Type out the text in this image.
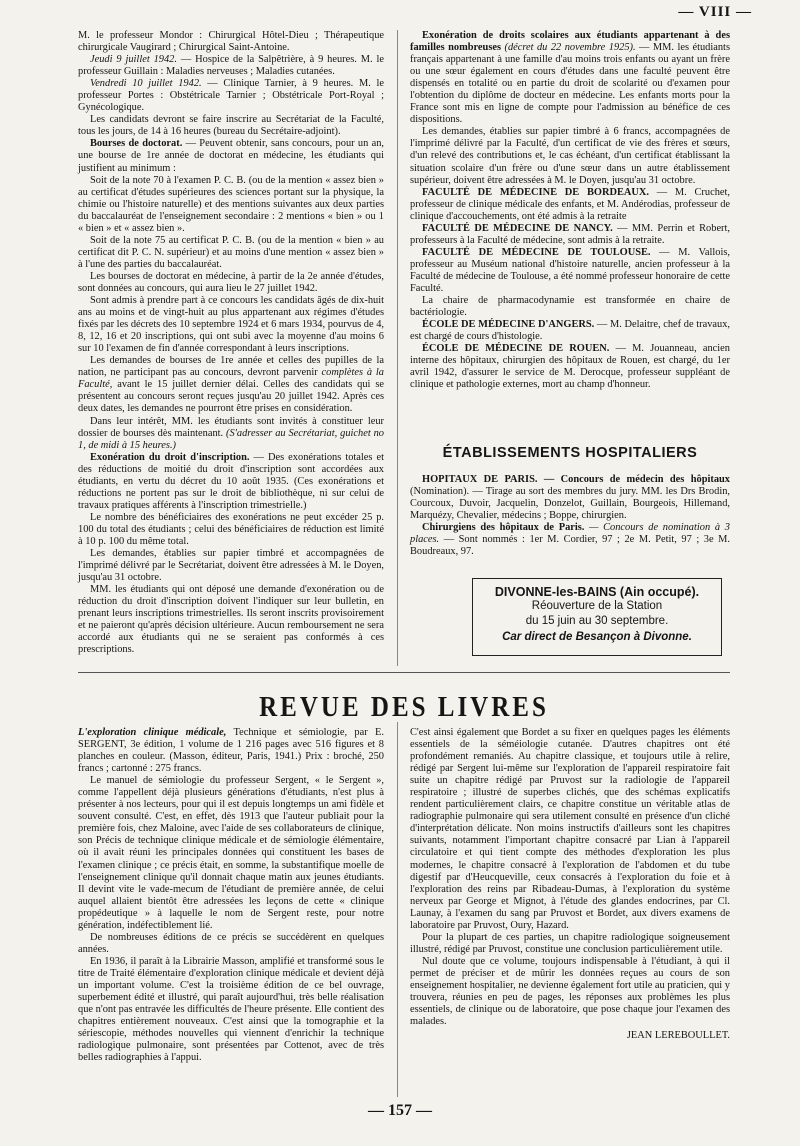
— VIII —

M. le professeur Mondor : Chirurgical Hôtel-Dieu ; Thérapeutique chirurgicale Vaugirard ; Chirurgical Saint-Antoine.

Jeudi 9 juillet 1942. — Hospice de la Salpêtrière, à 9 heures. M. le professeur Guillain : Maladies nerveuses ; Maladies cutanées.

Vendredi 10 juillet 1942. — Clinique Tarnier, à 9 heures. M. le professeur Portes : Obstétricale Tarnier ; Obstétricale Port-Royal ; Gynécologique.

Les candidats devront se faire inscrire au Secrétariat de la Faculté, tous les jours, de 14 à 16 heures (bureau du Secrétaire-adjoint).

Bourses de doctorat. — Peuvent obtenir, sans concours, pour un an, une bourse de 1re année de doctorat en médecine, les étudiants qui justifient au minimum :

Soit de la note 70 à l'examen P. C. B. (ou de la mention « assez bien » au certificat d'études supérieures des sciences portant sur la physique, la chimie ou l'histoire naturelle) et des mentions suivantes aux deux parties du baccalauréat de l'enseignement secondaire : 2 mentions « bien » ou 1 « bien » et « assez bien ».

Soit de la note 75 au certificat P. C. B. (ou de la mention « bien » au certificat dit P. C. N. supérieur) et au moins d'une mention « assez bien » à l'une des parties du baccalauréat.

Les bourses de doctorat en médecine, à partir de la 2e année d'études, sont données au concours, qui aura lieu le 27 juillet 1942.

Sont admis à prendre part à ce concours les candidats âgés de dix-huit ans au moins et de vingt-huit au plus appartenant aux régimes d'études fixés par les décrets des 10 septembre 1924 et 6 mars 1934, pourvus de 4, 8, 12, 16 et 20 inscriptions, qui ont subi avec la moyenne d'au moins 6 sur 10 l'examen de fin d'année correspondant à leurs inscriptions.

Les demandes de bourses de 1re année et celles des pupilles de la nation, ne participant pas au concours, devront parvenir complètes à la Faculté, avant le 15 juillet dernier délai. Celles des candidats qui se présentent au concours seront reçues jusqu'au 20 juillet 1942. Après ces deux dates, les demandes ne pourront être prises en considération.

Dans leur intérêt, MM. les étudiants sont invités à constituer leur dossier de bourses dès maintenant. (S'adresser au Secrétariat, guichet no 1, de midi à 15 heures.)

Exonération du droit d'inscription. — Des exonérations totales et des réductions de moitié du droit d'inscription sont accordées aux étudiants, en vertu du décret du 10 août 1935. (Ces exonérations et réductions ne portent pas sur le droit de bibliothèque, ni sur celui de travaux pratiques afférents à l'inscription trimestrielle.)

Le nombre des bénéficiaires des exonérations ne peut excéder 25 p. 100 du total des étudiants ; celui des bénéficiaires de réduction est limité à 10 p. 100 du même total.

Les demandes, établies sur papier timbré et accompagnées de l'imprimé délivré par le Secrétariat, doivent être adressées à M. le Doyen, jusqu'au 31 octobre.

MM. les étudiants qui ont déposé une demande d'exonération ou de réduction du droit d'inscription doivent l'indiquer sur leur bulletin, en prenant leurs inscriptions trimestrielles. Ils seront inscrits provisoirement et ne paieront qu'après décision ultérieure. Aucun remboursement ne sera accordé aux étudiants qui ne se seraient pas conformés à ces prescriptions.

Exonération de droits scolaires aux étudiants appartenant à des familles nombreuses (décret du 22 novembre 1925). — MM. les étudiants français appartenant à une famille d'au moins trois enfants ou ayant un frère ou une sœur également en cours d'études dans une faculté peuvent être dispensés en totalité ou en partie du droit de scolarité ou d'examen pour l'obtention du diplôme de docteur en médecine. Les enfants morts pour la France sont mis en ligne de compte pour l'admission au bénéfice de ces dispositions.

Les demandes, établies sur papier timbré à 6 francs, accompagnées de l'imprimé délivré par la Faculté, d'un certificat de vie des frères et sœurs, d'un relevé des contributions et, le cas échéant, d'un certificat établissant la situation scolaire d'un frère ou d'une sœur dans un autre établissement supérieur, doivent être adressées à M. le Doyen, jusqu'au 31 octobre.

FACULTÉ DE MÉDECINE DE BORDEAUX. — M. Cruchet, professeur de clinique médicale des enfants, et M. Andérodias, professeur de clinique d'accouchements, ont été admis à la retraite

FACULTÉ DE MÉDECINE DE NANCY. — MM. Perrin et Robert, professeurs à la Faculté de médecine, sont admis à la retraite.

FACULTÉ DE MÉDECINE DE TOULOUSE. — M. Vallois, professeur au Muséum national d'histoire naturelle, ancien professeur à la Faculté de médecine de Toulouse, a été nommé professeur honoraire de cette Faculté.

La chaire de pharmacodynamie est transformée en chaire de bactériologie.

ÉCOLE DE MÉDECINE D'ANGERS. — M. Delaitre, chef de travaux, est chargé de cours d'histologie.

ÉCOLE DE MÉDECINE DE ROUEN. — M. Jouanneau, ancien interne des hôpitaux, chirurgien des hôpitaux de Rouen, est chargé, du 1er avril 1942, d'assurer le service de M. Derocque, professeur suppléant de clinique et pathologie externes, mort au champ d'honneur.

ÉTABLISSEMENTS HOSPITALIERS

HOPITAUX DE PARIS. — Concours de médecin des hôpitaux (Nomination). — Tirage au sort des membres du jury. MM. les Drs Brodin, Courcoux, Duvoir, Jacquelin, Donzelot, Guillain, Bourgeois, Hillemand, Marquézy, Chevalier, médecins ; Boppe, chirurgien.

Chirurgiens des hôpitaux de Paris. — Concours de nomination à 3 places. — Sont nommés : 1er M. Cordier, 97 ; 2e M. Petit, 97 ; 3e M. Boudreaux, 97.

DIVONNE-les-BAINS (Ain occupé).
Réouverture de la Station
du 15 juin au 30 septembre.
Car direct de Besançon à Divonne.
REVUE DES LIVRES

L'exploration clinique médicale, Technique et sémiologie, par E. SERGENT, 3e édition, 1 volume de 1 216 pages avec 516 figures et 8 planches en couleur. (Masson, éditeur, Paris, 1941.) Prix : broché, 250 francs ; cartonné : 275 francs.

Le manuel de sémiologie du professeur Sergent, « le Sergent », comme l'appellent déjà plusieurs générations d'étudiants, n'est plus à présenter à nos lecteurs, pour qui il est depuis longtemps un ami fidèle et souvent consulté. C'est, en effet, dès 1913 que l'auteur publiait pour la première fois, chez Maloine, avec l'aide de ses collaborateurs de clinique, son Précis de technique clinique médicale et de sémiologie élémentaire, où il avait réuni les principales données qui constituent les bases de l'examen clinique ; ce précis était, en somme, la substantifique moelle de l'enseignement clinique qu'il donnait chaque matin aux jeunes étudiants. Il devint vite le vade-mecum de l'étudiant de première année, de celui auquel allaient bientôt être adressées les leçons de cette « clinique propédeutique » à laquelle le nom de Sergent reste, pour notre génération, indéfectiblement lié.

De nombreuses éditions de ce précis se succédèrent en quelques années.

En 1936, il paraît à la Librairie Masson, amplifié et transformé sous le titre de Traité élémentaire d'exploration clinique médicale et devient déjà un important volume. C'est la troisième édition de ce bel ouvrage, superbement édité et illustré, qui paraît aujourd'hui, très belle réalisation que n'ont pas entravée les difficultés de l'heure présente. Elle contient des chapitres entièrement nouveaux. C'est ainsi que la tomographie et la sériescopie, méthodes nouvelles qui viennent d'enrichir la technique radiologique pulmonaire, sont présentées par Cottenot, avec de très belles radiographies à l'appui.

C'est ainsi également que Bordet a su fixer en quelques pages les éléments essentiels de la séméiologie cutanée. D'autres chapitres ont été profondément remaniés. Au chapitre classique, et toujours utile à relire, rédigé par Sergent lui-même sur l'exploration de l'appareil respiratoire fait suite un chapitre rédigé par Pruvost sur la radiologie de l'appareil respiratoire ; illustré de superbes clichés, que des schémas explicatifs rendent particulièrement clairs, ce chapitre constitue un véritable atlas de radiographie pulmonaire qui sera utilement consulté en présence d'un cliché d'interprétation délicate. Non moins instructifs d'ailleurs sont les chapitres suivants, notamment l'important chapitre consacré par Lian à l'appareil circulatoire et qui tient compte des méthodes d'exploration les plus modernes, le chapitre consacré à l'exploration de l'abdomen et du tube digestif par d'Heucqueville, ceux consacrés à l'exploration du foie et à l'exploration des reins par Ribadeau-Dumas, à l'exploration du système nerveux par George et Mignot, à l'étude des glandes endocrines, par Cl. Launay, à l'examen du sang par Pruvost et Bordet, aux divers examens de laboratoire par Pruvost, Oury, Hazard.

Pour la plupart de ces parties, un chapitre radiologique soigneusement illustré, rédigé par Pruvost, constitue une conclusion particulièrement utile.

Nul doute que ce volume, toujours indispensable à l'étudiant, à qui il permet de préciser et de mûrir les données reçues au cours de son enseignement hospitalier, ne devienne également fort utile au praticien, qui y trouvera, réunies en peu de pages, les réponses aux problèmes les plus essentiels, de clinique ou de laboratoire, que pose chaque jour l'examen des malades.

JEAN LEREBOULLET.
— 157 —
